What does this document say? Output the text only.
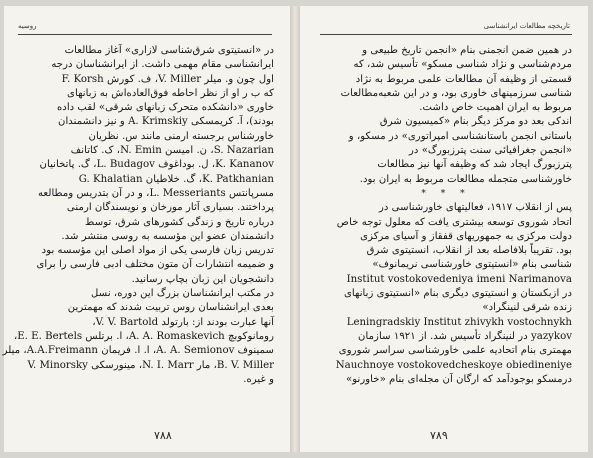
روسیه
در «انستیتوی شرق‌شناسی لازاری» آغاز مطالعات
ایرانشناسی مقام مهمی داشت. از ایرانشناسان درجه
اول چون و. میلر V. Miller، ف. کورش F. Korsh
که ب ر او از نظر احاطه فوق‌العاده‌اش به زبانهای
خاوری «دانشکده متحرک زبانهای شرقی» لقب داده
بودند)، آ. کریمسکی A. Krimskiy و نیز دانشمندان
خ‍اورشناس برجسته ارمنی مانند س. نظریان
S. Nazarian، ن. امیسن N. Emin، ک. کاتانف
K. Kananov، ل. بوداغوف L. Budagov، گ. پاتخانیان
K. Patkhanian، گ. خلاطیان G. Khalatian
مسرپانتس L. Messeriants، و در آن بتدریس ومطالعه
پرداختند. بسیاری آثار مورخان و نویسندگان ارمنی
درباره تاریخ و زندگی کشورهای شرق، توسط
دانشمندان عضو این مؤسسه به روسی منتشر شد.
تدریس زبان فارسی یکی از مواد اصلی این مؤسسه بود
و ضمیمه انتشارات آن متون مختلف ادبی فارسی را برای
دانشجویان این زبان بچاپ رسانید.
در مکتب ایرانشناسان بزرگ این دوره، نسل
بعدی ایرانشناسان روس تربیت شدند که مهمترین
آنها عبارت بودند از: بارتولد V. V. Bartold،
رومانوکوبچ A. A. Romaskevich، ا. برتلس E. E. Bertels،
سمینوف A. A. Semionov، ا. ا. فریمان A.A.Freimann، میلر
B. V. Miller، مار N. I. Marr، مینورسکی V. Minorsky
و غیره.
۷۸۸
تاریخچه مطالعات ایرانشناسی
در همین ضمن انجمنی بنام «انجمن تاریخ طبیعی و
مردم‌شناسی و نژاد شناسی مسکو» تأسیس شد، که
قسمتی از وظیفه آن مطالعات علمی مربوط به نژاد
شناسی سرزمینهای خاوری بود، و در این شعبه‌مطالعات
مربوط به ایران اهمیت خاص داشت.
اندکی بعد دو مرکز دیگر بنام «کمیسیون شرق
باستانی انجمن باستانشناسی امپراتوری» در مسکو، و
«انجمن جغرافیائی سنت پترزبورگ» در
پترزبورگ ایجاد شد که وظیفه آنها نیز مطالعات
خاورشناسی متجمله مطالعات مربوط به ایران بود.
* * *
پس از انقلاب ۱۹۱۷، فعالیتهای خاورشناسی در
اتحاد شوروی توسعه بیشتری یافت که معلول توجه خاص
دولت مرکزی به جمهوریهای قفقاز و آسیای مرکزی
بود. تقریباً بلافاصله بعد از انقلاب، انستیتوی شرق
شناسی بنام «انستیتوی خاورشناسی نریمانوف»
Institut vostokovedeniya imeni Narimanova
در ازبکستان و انستیتوی دیگری بنام «انستیتوی زبانهای
زنده شرقی لنینگراد»
Leningradskiy Institut zhivykh vostochnykh
yazykov در لنینگراد تأسیس شد. از ۱۹۲۱ سازمان
مهمتری بنام اتحادیه علمی خاورشناسی سراسر شوروی
Nauchnoye vostokovedcheskoye obiedineniye
درمسکو بوجودآمد که ارگان آن مجله‌ای بنام «خاورنو»
۷۸۹
